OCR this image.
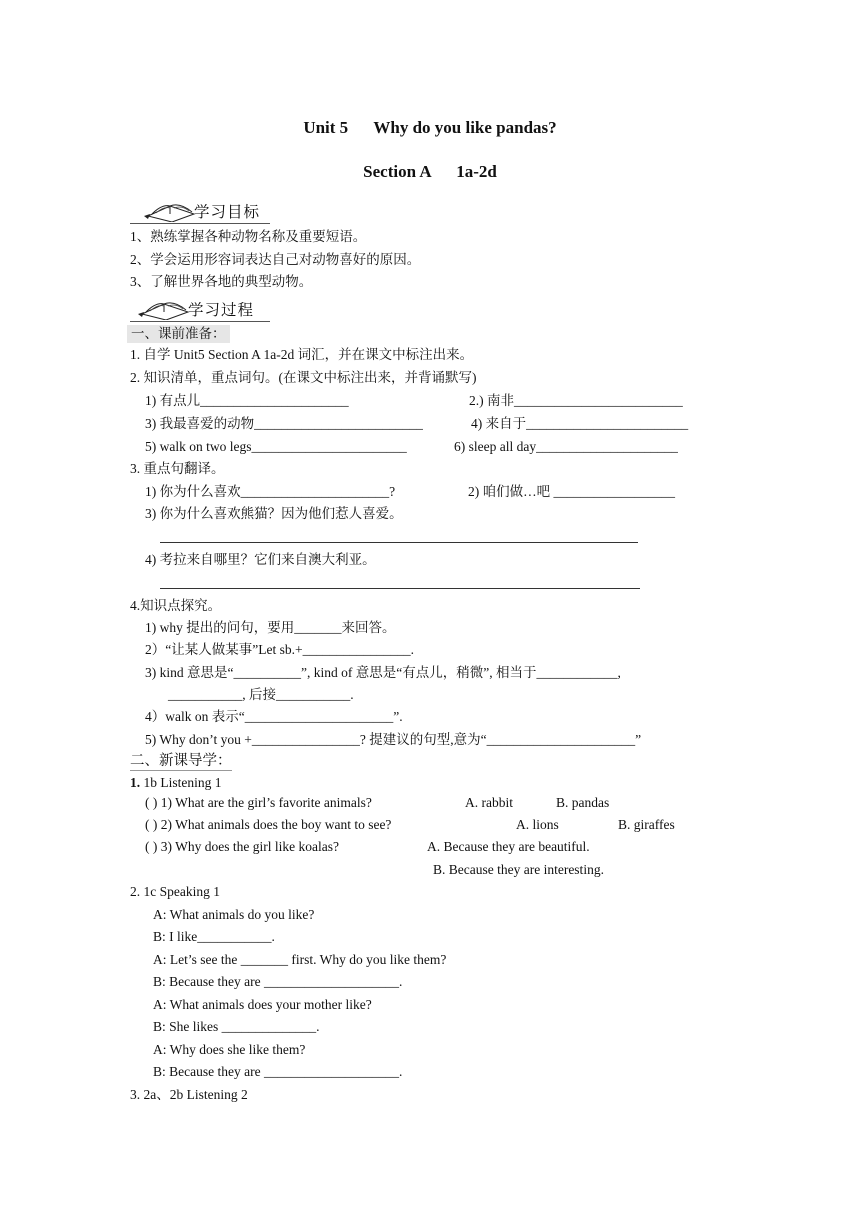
Unit 5      Why do you like pandas?
Section A      1a-2d
学习目标
1、熟练掌握各种动物名称及重要短语。
2、学会运用形容词表达自己对动物喜好的原因。
3、了解世界各地的典型动物。
学习过程
一、课前准备：
1. 自学 Unit5 Section A 1a-2d 词汇，并在课文中标注出来。
2. 知识清单，重点词句。(在课文中标注出来，并背诵默写)
1) 有点儿______________________	2.) 南非_________________________
3) 我最喜爱的动物_________________________	4) 来自于________________________
5) walk on two legs_______________________	6) sleep all day_____________________
3. 重点句翻译。
1) 你为什么喜欢______________________?	2) 咱们做…吧 __________________
3) 你为什么喜欢熊猫？因为他们惹人喜爱。
4) 考拉来自哪里？它们来自澳大利亚。
4.知识点探究。
1) why 提出的问句，要用_______来回答。
2）“让某人做某事”Let sb.+________________.
3) kind 意思是“__________”, kind of 意思是“有点儿，稍微”, 相当于____________,
___________, 后接___________.
4）walk on 表示“______________________”.
5) Why don’t you +________________? 提建议的句型,意为“______________________”
二、新课导学：
1. 1b Listening 1
( ) 1) What are the girl’s favorite animals?	A. rabbit	B. pandas
( ) 2) What animals does the boy want to see?	A. lions	B. giraffes
( ) 3) Why does the girl like koalas?	A. Because they are beautiful.
B. Because they are interesting.
2. 1c Speaking 1
A: What animals do you like?
B: I like___________.
A: Let’s see the _______ first. Why do you like them?
B: Because they are ____________________.
A: What animals does your mother like?
B: She likes ______________.
A: Why does she like them?
B: Because they are ____________________.
3. 2a、2b Listening 2
